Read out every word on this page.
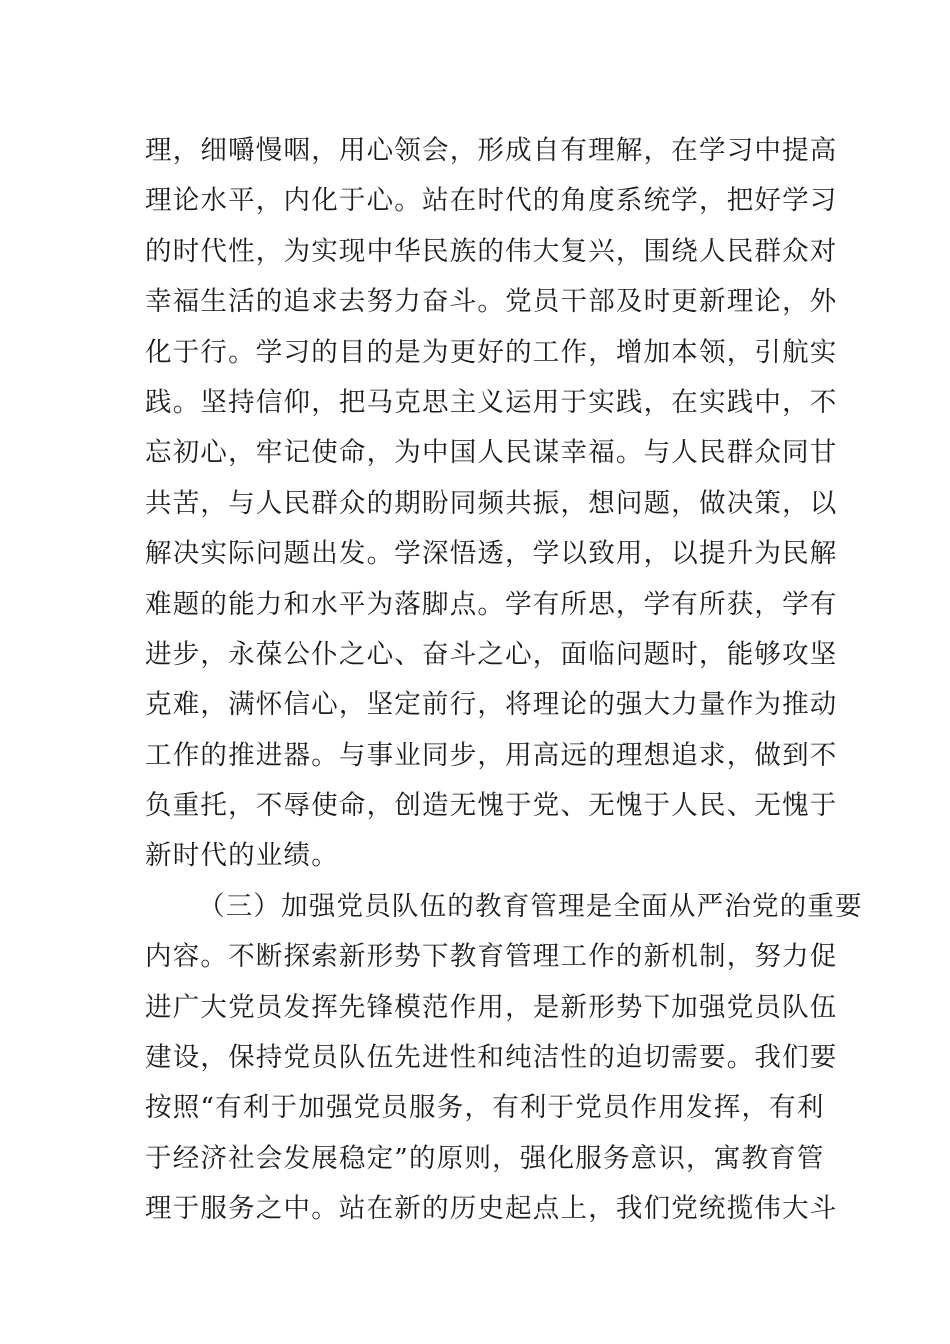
理，细嚼慢咽，用心领会，形成自有理解，在学习中提高
理论水平，内化于心。站在时代的角度系统学，把好学习
的时代性，为实现中华民族的伟大复兴，围绕人民群众对
幸福生活的追求去努力奋斗。党员干部及时更新理论，外
化于行。学习的目的是为更好的工作，增加本领，引航实
践。坚持信仰，把马克思主义运用于实践，在实践中，不
忘初心，牢记使命，为中国人民谋幸福。与人民群众同甘
共苦，与人民群众的期盼同频共振，想问题，做决策，以
解决实际问题出发。学深悟透，学以致用，以提升为民解
难题的能力和水平为落脚点。学有所思，学有所获，学有
进步，永葆公仆之心、奋斗之心，面临问题时，能够攻坚
克难，满怀信心，坚定前行，将理论的强大力量作为推动
工作的推进器。与事业同步，用高远的理想追求，做到不
负重托，不辱使命，创造无愧于党、无愧于人民、无愧于
新时代的业绩。
（三）加强党员队伍的教育管理是全面从严治党的重要
内容。不断探索新形势下教育管理工作的新机制，努力促
进广大党员发挥先锋模范作用，是新形势下加强党员队伍
建设，保持党员队伍先进性和纯洁性的迫切需要。我们要
按照“有利于加强党员服务，有利于党员作用发挥，有利
于经济社会发展稳定”的原则，强化服务意识，寓教育管
理于服务之中。站在新的历史起点上，我们党统揽伟大斗
